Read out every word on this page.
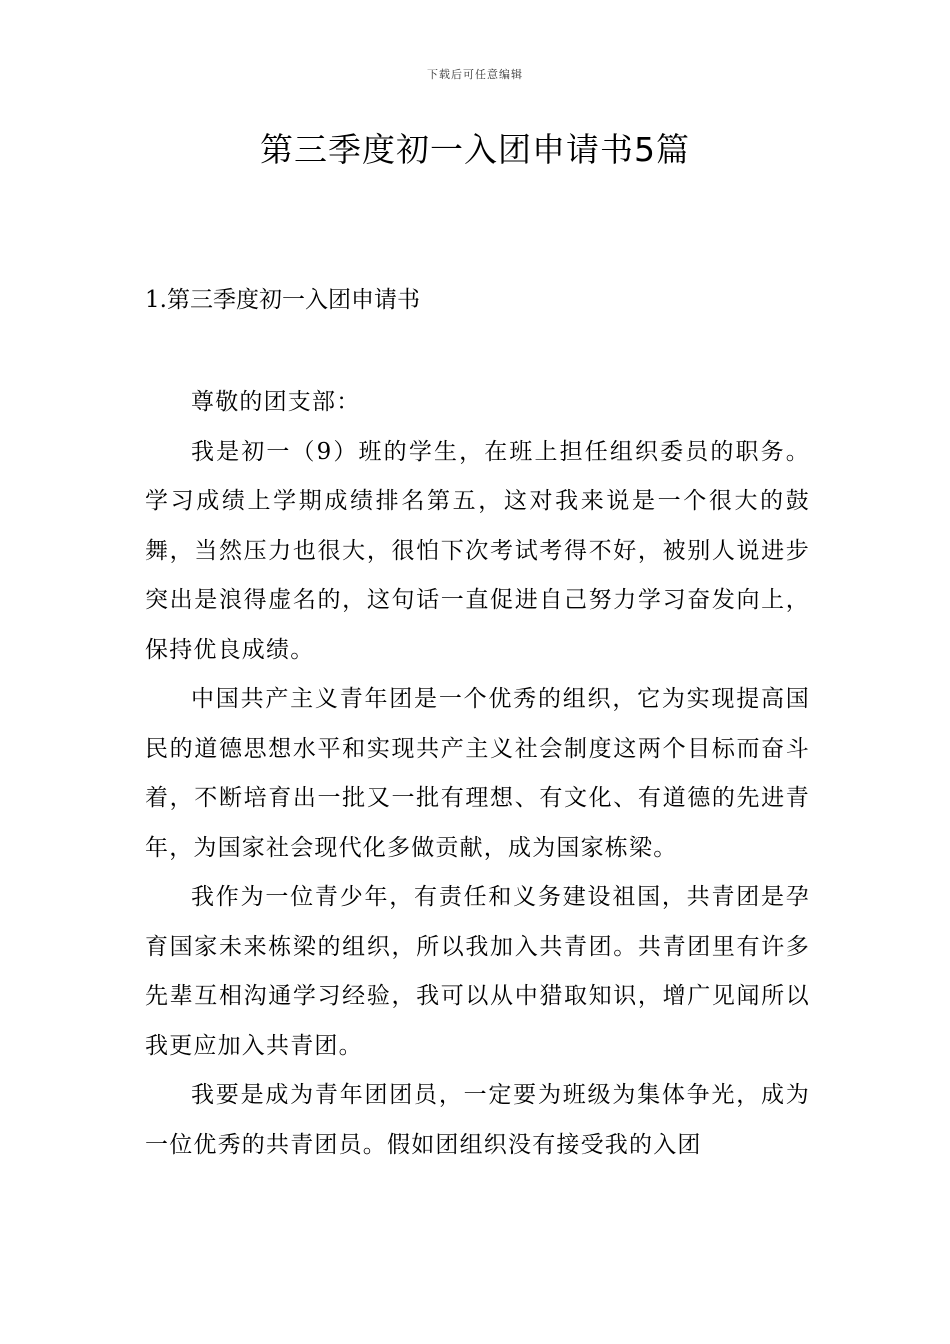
下载后可任意编辑
第三季度初一入团申请书5篇
1.第三季度初一入团申请书

尊敬的团支部：

我是初一（9）班的学生，在班上担任组织委员的职务。学习成绩上学期成绩排名第五，这对我来说是一个很大的鼓舞，当然压力也很大，很怕下次考试考得不好，被别人说进步突出是浪得虚名的，这句话一直促进自己努力学习奋发向上，保持优良成绩。

中国共产主义青年团是一个优秀的组织，它为实现提高国民的道德思想水平和实现共产主义社会制度这两个目标而奋斗着，不断培育出一批又一批有理想、有文化、有道德的先进青年，为国家社会现代化多做贡献，成为国家栋梁。

我作为一位青少年，有责任和义务建设祖国，共青团是孕育国家未来栋梁的组织，所以我加入共青团。共青团里有许多先辈互相沟通学习经验，我可以从中猎取知识，增广见闻所以我更应加入共青团。

我要是成为青年团团员，一定要为班级为集体争光，成为一位优秀的共青团员。假如团组织没有接受我的入团
